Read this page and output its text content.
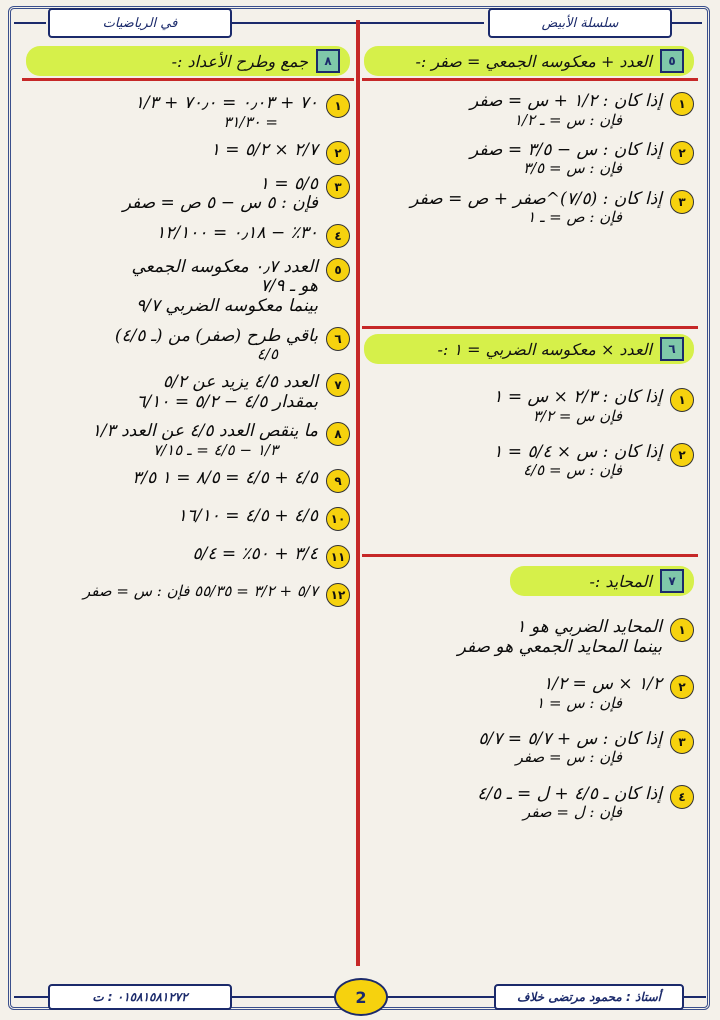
سلسلة الأبيض
في الرياضيات
٥
العدد + معكوسه الجمعي = صفر :-
١
إذا كان : ١/٢ + س = صفر
فإن : س = ـ ١/٢
٢
إذا كان : س − ٣/٥ = صفر
فإن : س = ٣/٥
٣
إذا كان : (٧/٥)^صفر + ص = صفر
فإن : ص = ـ ١
٦
العدد × معكوسه الضربي = ١ :-
١
إذا كان : ٢/٣ × س = ١
فإن س = ٣/٢
٢
إذا كان : س × ٥/٤ = ١
فإن : س = ٤/٥
٧
المحايد :-
١
المحايد الضربي هو ١
بينما المحايد الجمعي هو صفر
٢
١/٢ × س = ١/٢
فإن : س = ١
٣
إذا كان : س + ٥/٧ = ٥/٧
فإن : س = صفر
٤
إذا كان ـ ٤/٥ + ل = ـ ٤/٥
فإن : ل = صفر
٨
جمع وطرح الأعداد :-
١
٧٠ + ٠٫٠٣ = ٧٠٫٠ + ١/٣
= ٣١/٣٠
٢
٢/٧ × ٥/٢ = ١
٣
٥/٥ = ١
فإن : ٥ س − ٥ ص = صفر
٤
٣٠٪ − ٠٫١٨ = ١٢/١٠٠
٥
العدد ٠٫٧ معكوسه الجمعي
هو ـ ٧/٩
بينما معكوسه الضربي ٩/٧
٦
باقي طرح (صفر) من (ـ ٤/٥)
٤/٥
٧
العدد ٤/٥ يزيد عن ٥/٢
بمقدار ٤/٥ − ٥/٢ = ٦/١٠
٨
ما ينقص العدد ٤/٥ عن العدد ١/٣
١/٣ − ٤/٥ = ـ ٧/١٥
٩
٤/٥ + ٤/٥ = ٨/٥ = ١ ٣/٥
١٠
٤/٥ + ٤/٥ = ١٦/١٠
١١
٣/٤ + ٥٠٪ = ٥/٤
١٢
٥/٧ + ٣/٢ = ٥٥/٣٥ فإن : س = صفر
أستاذ : محمود مرتضى خلاف
٠١٥٨١٥٨١٢٧٢ : ت	2
